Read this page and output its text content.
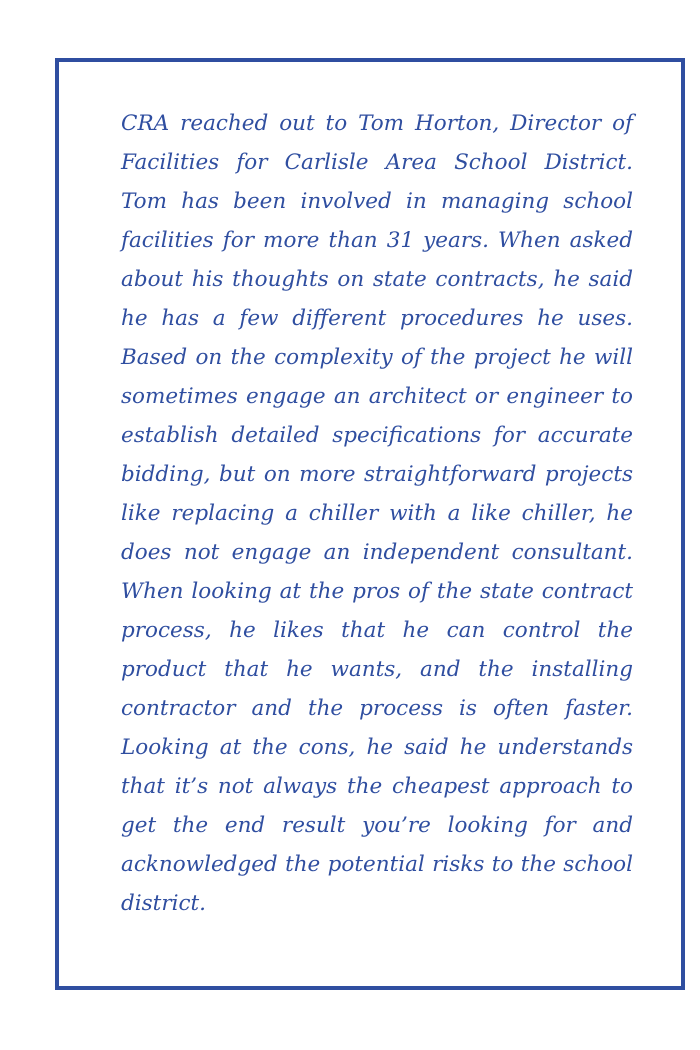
CRA reached out to Tom Horton, Director of Facilities for Carlisle Area School District. Tom has been involved in managing school facilities for more than 31 years. When asked about his thoughts on state contracts, he said he has a few different procedures he uses. Based on the complexity of the project he will sometimes engage an architect or engineer to establish detailed specifications for accurate bidding, but on more straightforward projects like replacing a chiller with a like chiller, he does not engage an independent consultant. When looking at the pros of the state contract process, he likes that he can control the product that he wants, and the installing contractor and the process is often faster. Looking at the cons, he said he understands that it’s not always the cheapest approach to get the end result you’re looking for and acknowledged the potential risks to the school district.
